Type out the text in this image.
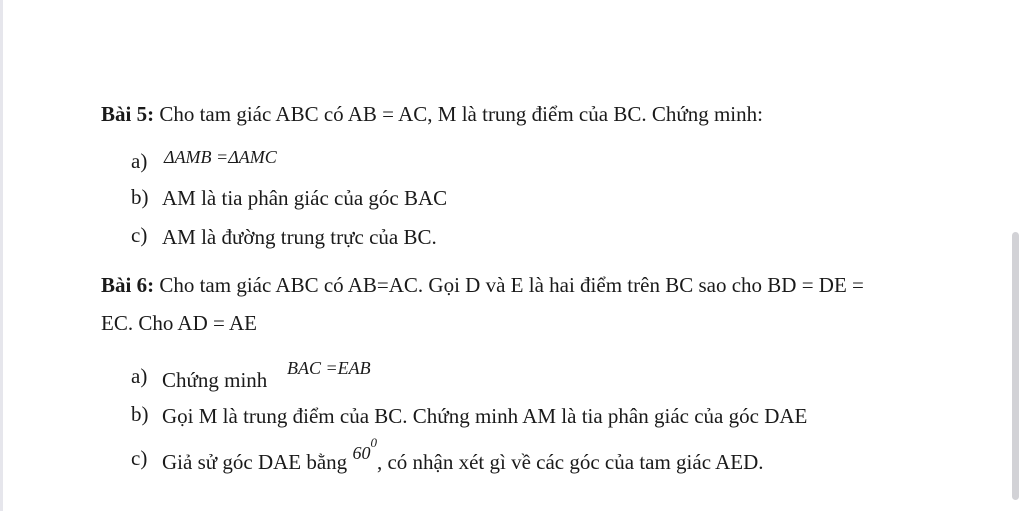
Bài 5: Cho tam giác ABC có AB = AC, M là trung điểm của BC. Chứng minh:
a) ΔAMB =ΔAMC
b) AM là tia phân giác của góc BAC
c) AM là đường trung trực của BC.
Bài 6: Cho tam giác ABC có AB=AC. Gọi D và E là hai điểm trên BC sao cho BD = DE =
EC. Cho AD = AE
a) Chứng minh BAC =EAB
b) Gọi M là trung điểm của BC. Chứng minh AM là tia phân giác của góc DAE
c) Giả sử góc DAE bằng $60^0$, có nhận xét gì về các góc của tam giác AED.
